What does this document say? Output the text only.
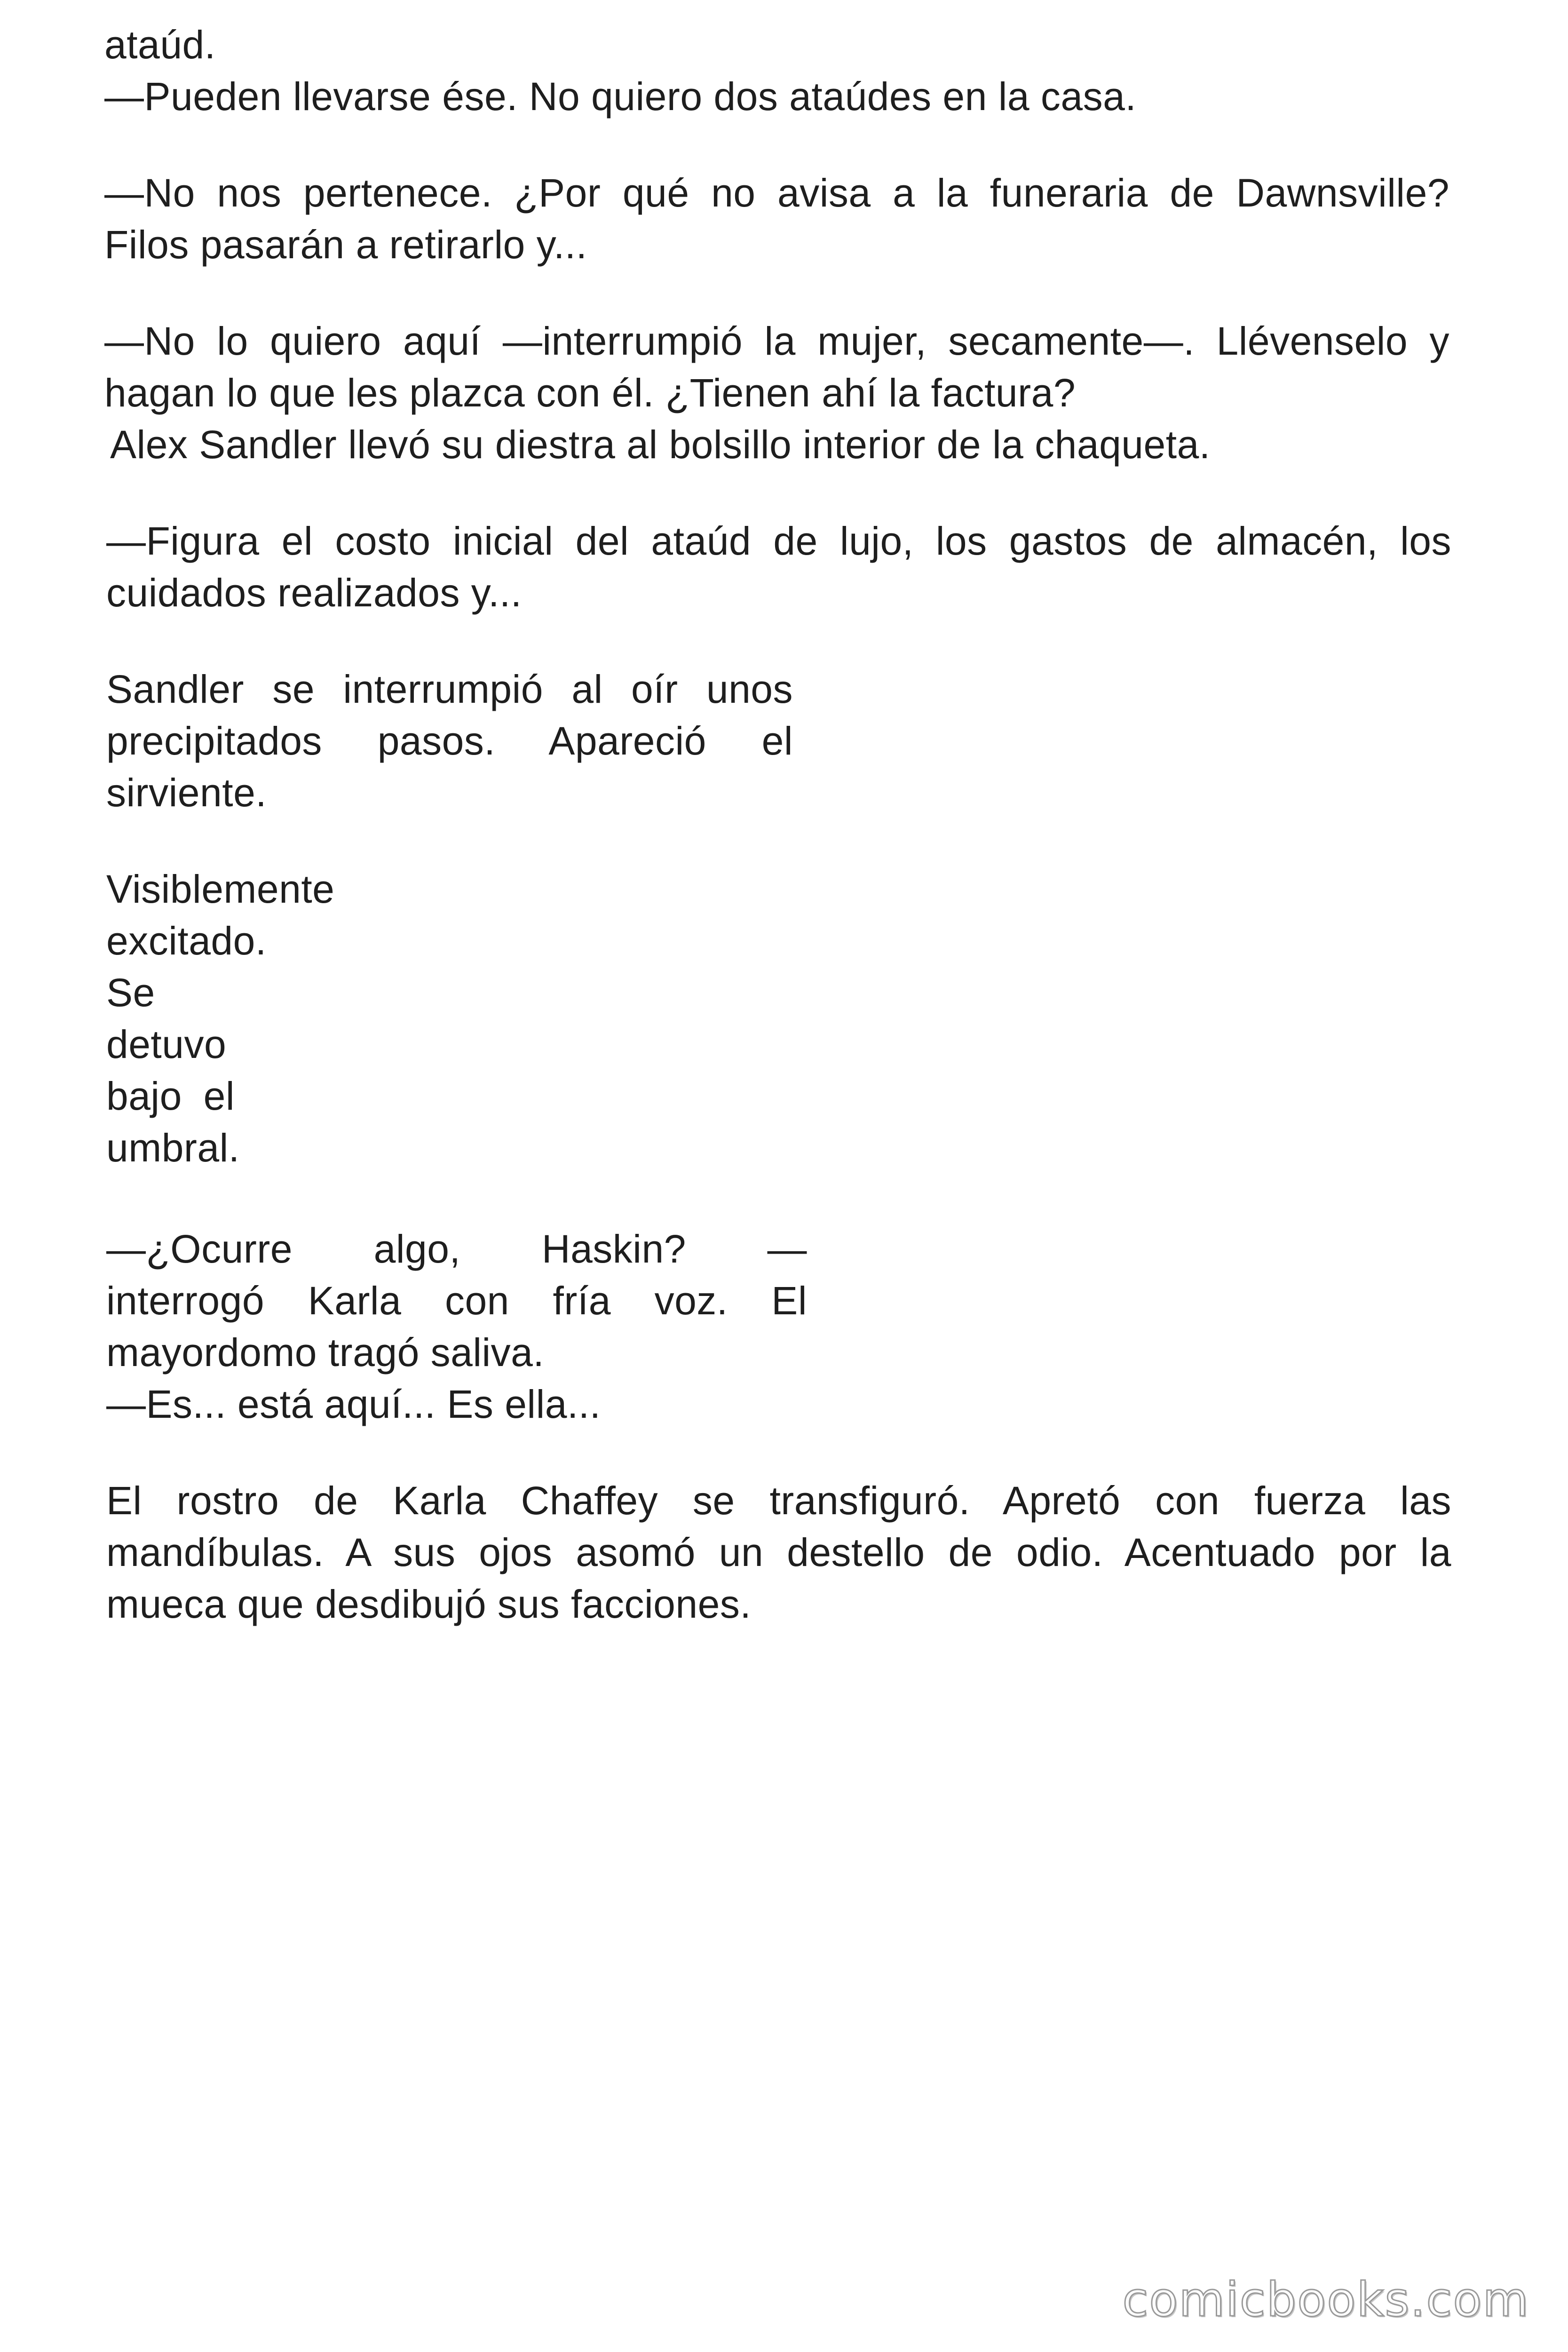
ataúd.
—Pueden llevarse ése. No quiero dos ataúdes en la casa.
—No nos pertenece. ¿Por qué no avisa a la funeraria de Dawnsville?
Filos pasarán a retirarlo y...
—No lo quiero aquí —interrumpió la mujer, secamente—. Llévenselo y
hagan lo que les plazca con él. ¿Tienen ahí la factura?
Alex Sandler llevó su diestra al bolsillo interior de la chaqueta.
—Figura el costo inicial del ataúd de lujo, los gastos de almacén, los
cuidados realizados y...
Sandler se interrumpió al oír unos
precipitados pasos. Apareció el
sirviente.
Visiblemente
excitado.
Se
detuvo
bajo el
umbral.
—¿Ocurre algo, Haskin? —
interrogó Karla con fría voz. El
mayordomo tragó saliva.
—Es... está aquí... Es ella...
El rostro de Karla Chaffey se transfiguró. Apretó con fuerza las
mandíbulas. A sus ojos asomó un destello de odio. Acentuado por la
mueca que desdibujó sus facciones.
comicbooks.com
